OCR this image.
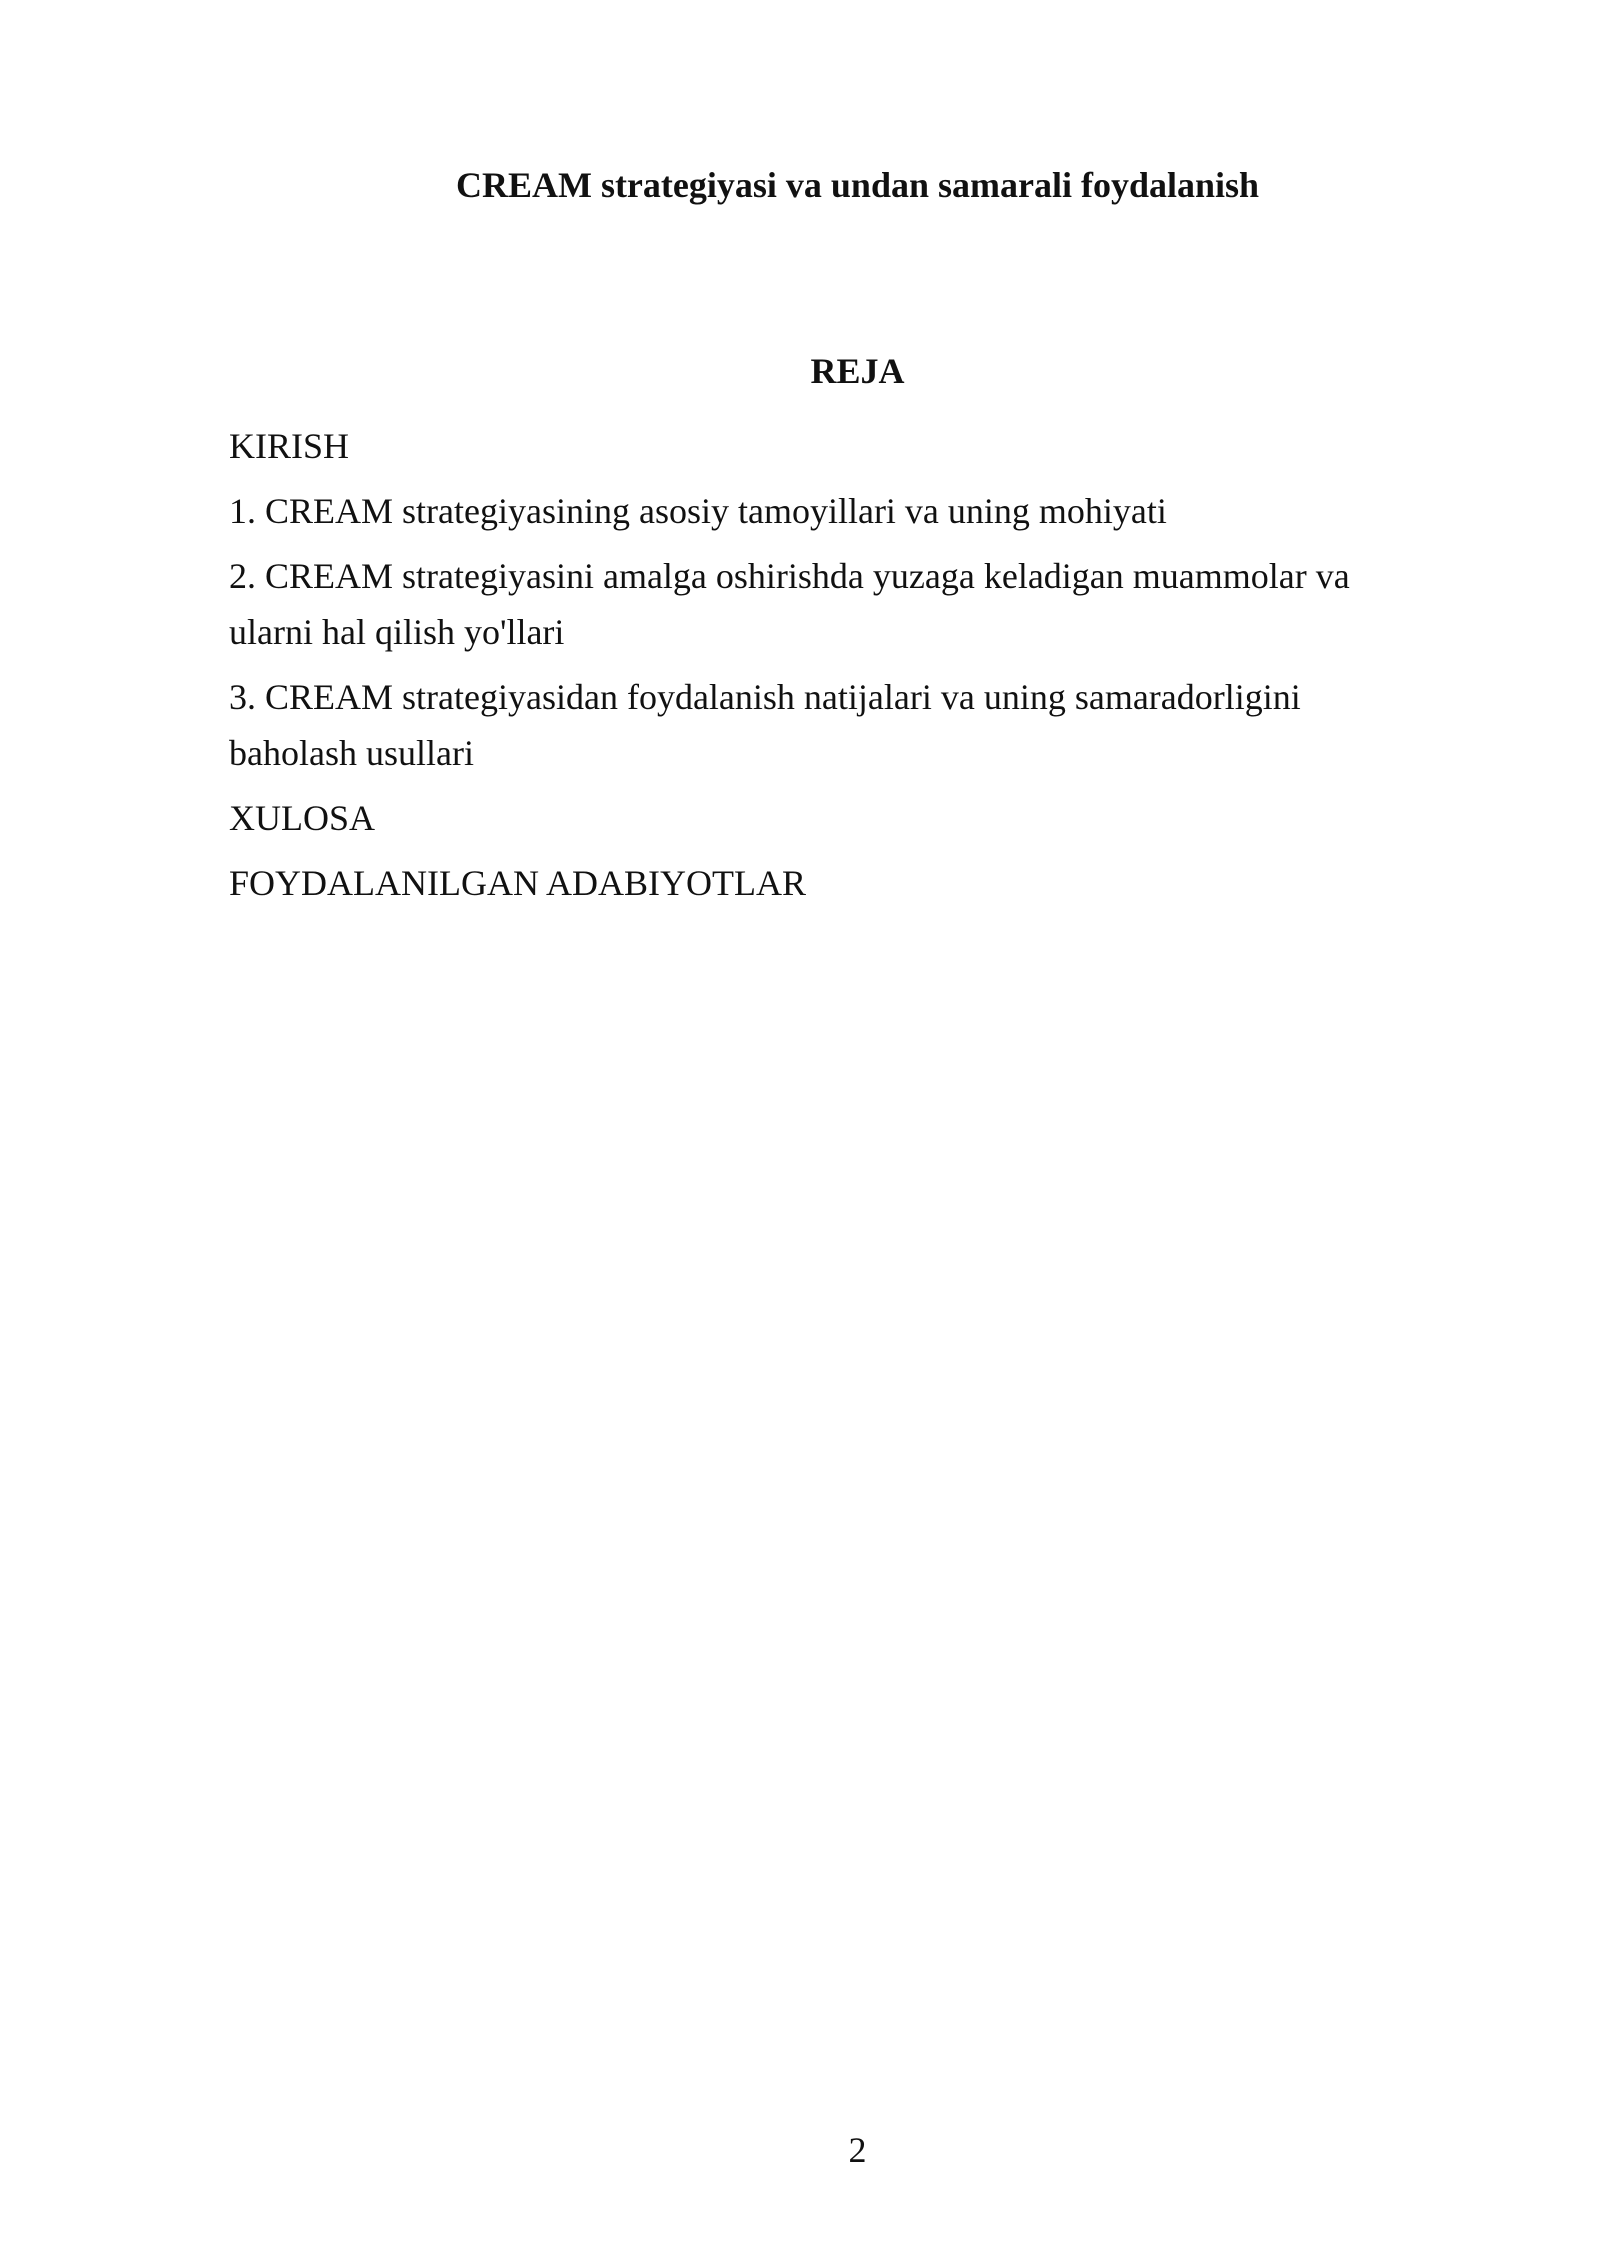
CREAM strategiyasi va undan samarali foydalanish
REJA
KIRISH
1. CREAM strategiyasining asosiy tamoyillari va uning mohiyati
2. CREAM strategiyasini amalga oshirishda yuzaga keladigan muammolar va ularni hal qilish yo'llari
3. CREAM strategiyasidan foydalanish natijalari va uning samaradorligini baholash usullari
XULOSA
FOYDALANILGAN ADABIYOTLAR
2
